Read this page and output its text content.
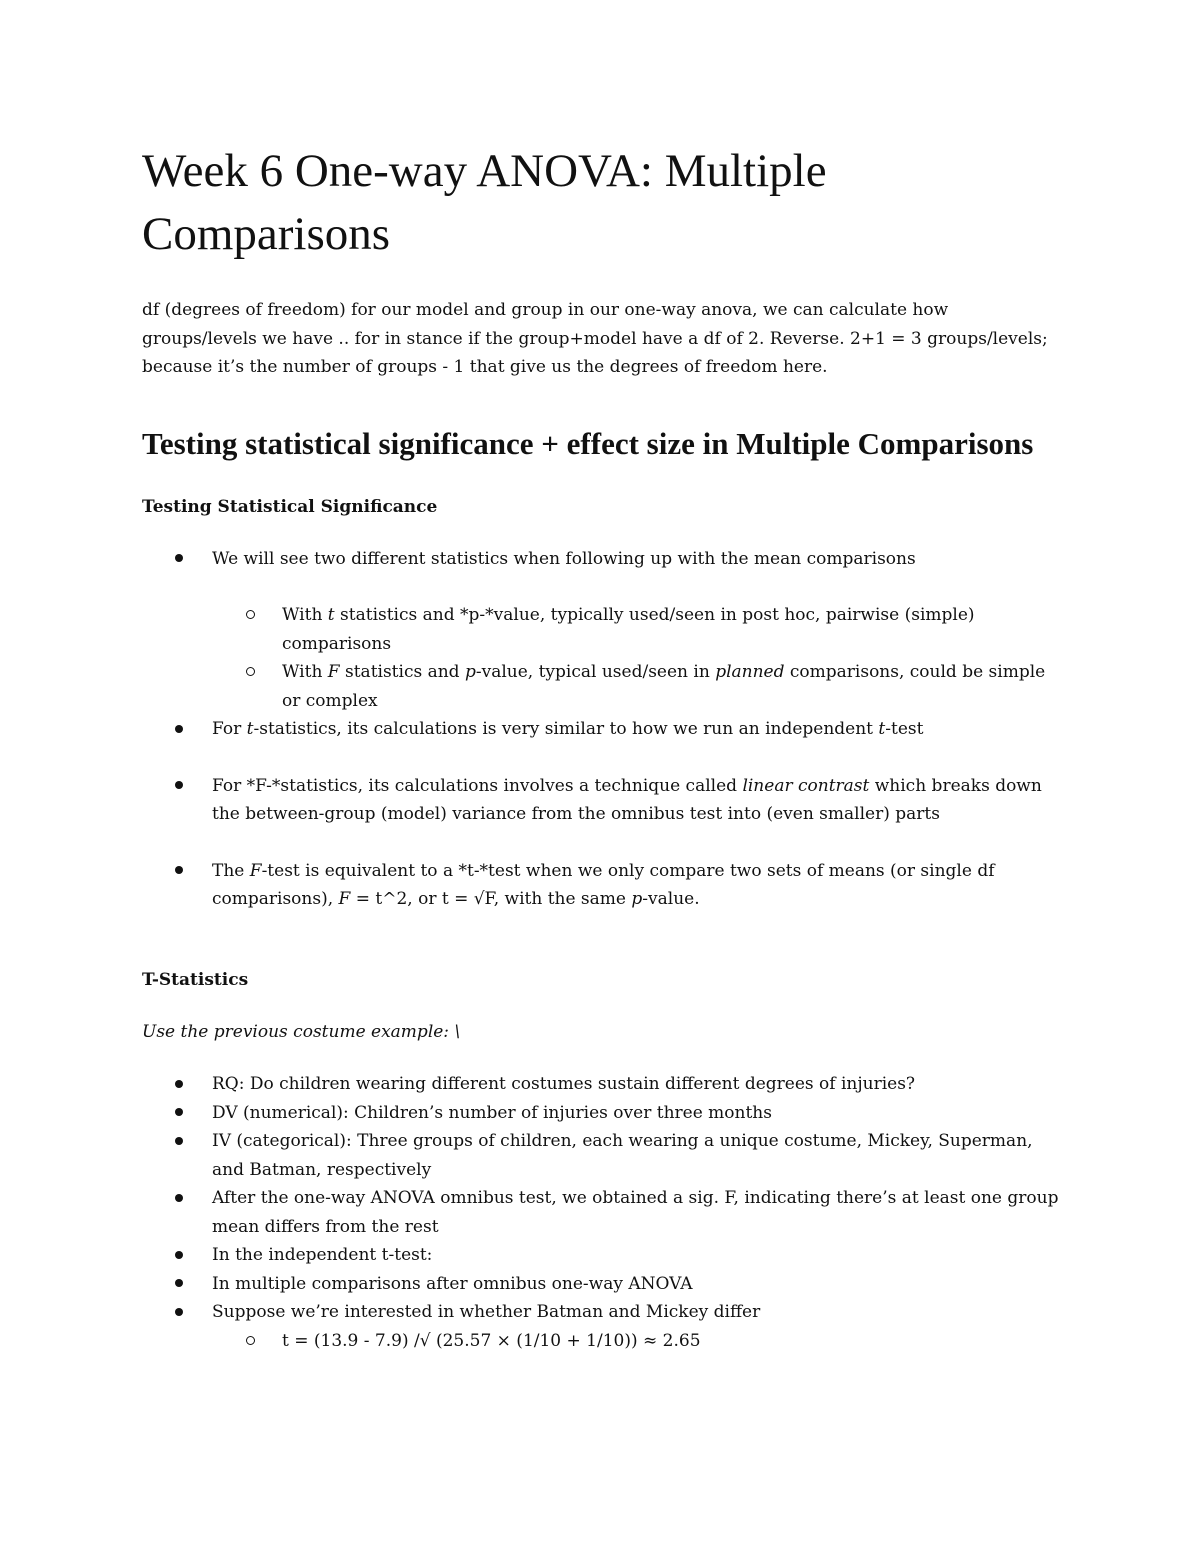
Week 6 One-way ANOVA: Multiple Comparisons

df (degrees of freedom) for our model and group in our one-way anova, we can calculate how groups/levels we have .. for in stance if the group+model have a df of 2. Reverse. 2+1 = 3 groups/levels; because it’s the number of groups - 1 that give us the degrees of freedom here.

Testing statistical significance + effect size in Multiple Comparisons
Testing Statistical Significance
We will see two different statistics when following up with the mean comparisons
With t statistics and *p-*value, typically used/seen in post hoc, pairwise (simple) comparisons
With F statistics and p-value, typical used/seen in planned comparisons, could be simple or complex
For t-statistics, its calculations is very similar to how we run an independent t-test
For *F-*statistics, its calculations involves a technique called linear contrast which breaks down the between-group (model) variance from the omnibus test into (even smaller) parts
The F-test is equivalent to a *t-*test when we only compare two sets of means (or single df comparisons), F = t^2, or t = √F, with the same p-value.
T-Statistics

Use the previous costume example: \

RQ: Do children wearing different costumes sustain different degrees of injuries?
DV (numerical): Children’s number of injuries over three months
IV (categorical): Three groups of children, each wearing a unique costume, Mickey, Superman, and Batman, respectively
After the one-way ANOVA omnibus test, we obtained a sig. F, indicating there’s at least one group mean differs from the rest
In the independent t-test:
In multiple comparisons after omnibus one-way ANOVA
Suppose we’re interested in whether Batman and Mickey differ
t = (13.9 - 7.9) /√ (25.57 × (1/10 + 1/10)) ≈ 2.65
